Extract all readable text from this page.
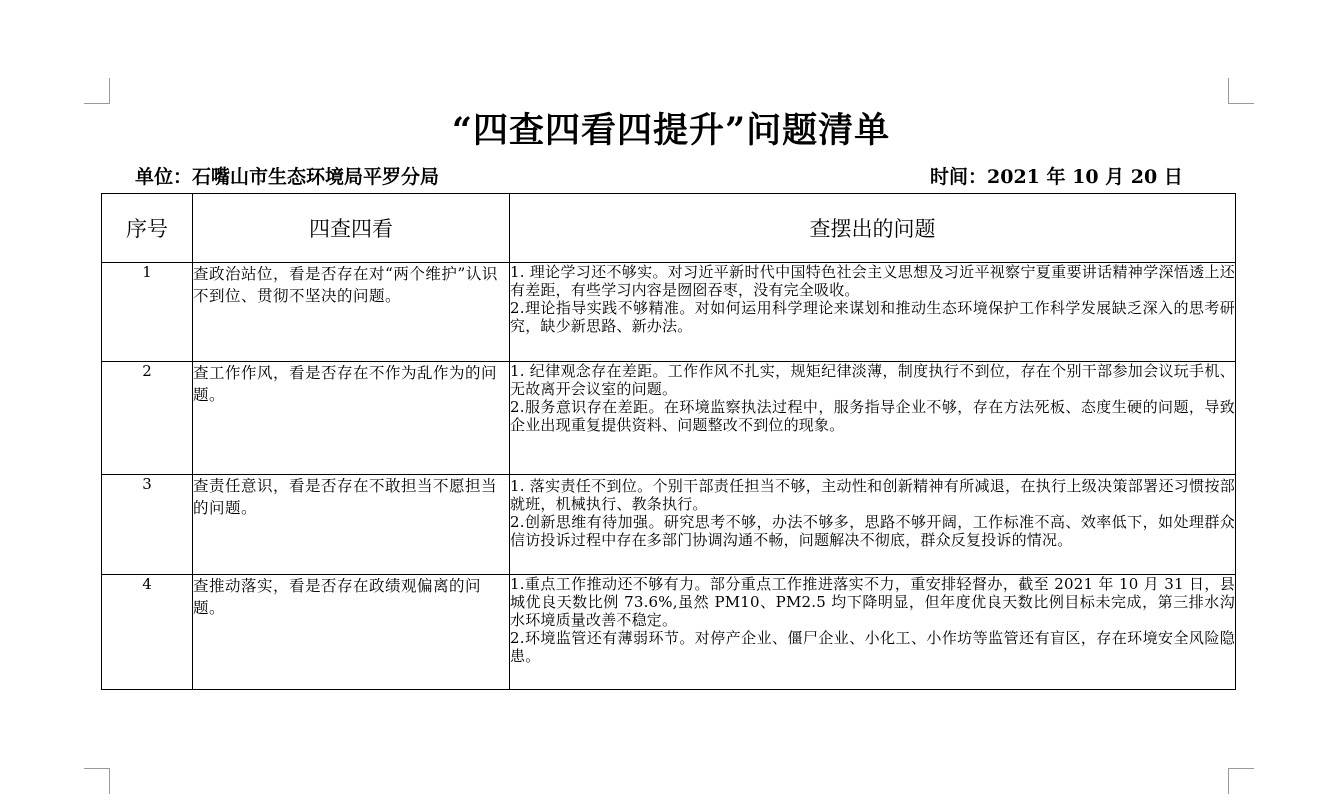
“四查四看四提升”问题清单
单位：石嘴山市生态环境局平罗分局	时间：2021 年 10 月 20 日
序号	四查四看	查摆出的问题
1	查政治站位，看是否存在对“两个维护”认识不到位、贯彻不坚决的问题。	1. 理论学习还不够实。对习近平新时代中国特色社会主义思想及习近平视察宁夏重要讲话精神学深悟透上还有差距，有些学习内容是囫囵吞枣，没有完全吸收。

2.理论指导实践不够精准。对如何运用科学理论来谋划和推动生态环境保护工作科学发展缺乏深入的思考研究，缺少新思路、新办法。

2	查工作作风，看是否存在不作为乱作为的问题。	1. 纪律观念存在差距。工作作风不扎实，规矩纪律淡薄，制度执行不到位，存在个别干部参加会议玩手机、无故离开会议室的问题。

2.服务意识存在差距。在环境监察执法过程中，服务指导企业不够，存在方法死板、态度生硬的问题，导致企业出现重复提供资料、问题整改不到位的现象。

3	查责任意识，看是否存在不敢担当不愿担当的问题。	1. 落实责任不到位。个别干部责任担当不够，主动性和创新精神有所减退，在执行上级决策部署还习惯按部就班，机械执行、教条执行。

2.创新思维有待加强。研究思考不够，办法不够多，思路不够开阔，工作标准不高、效率低下，如处理群众信访投诉过程中存在多部门协调沟通不畅，问题解决不彻底，群众反复投诉的情况。

4	查推动落实，看是否存在政绩观偏离的问题。	1.重点工作推动还不够有力。部分重点工作推进落实不力，重安排轻督办，截至 2021 年 10 月 31 日，县城优良天数比例 73.6%,虽然 PM10、PM2.5 均下降明显，但年度优良天数比例目标未完成，第三排水沟水环境质量改善不稳定。

2.环境监管还有薄弱环节。对停产企业、僵尸企业、小化工、小作坊等监管还有盲区，存在环境安全风险隐患。
